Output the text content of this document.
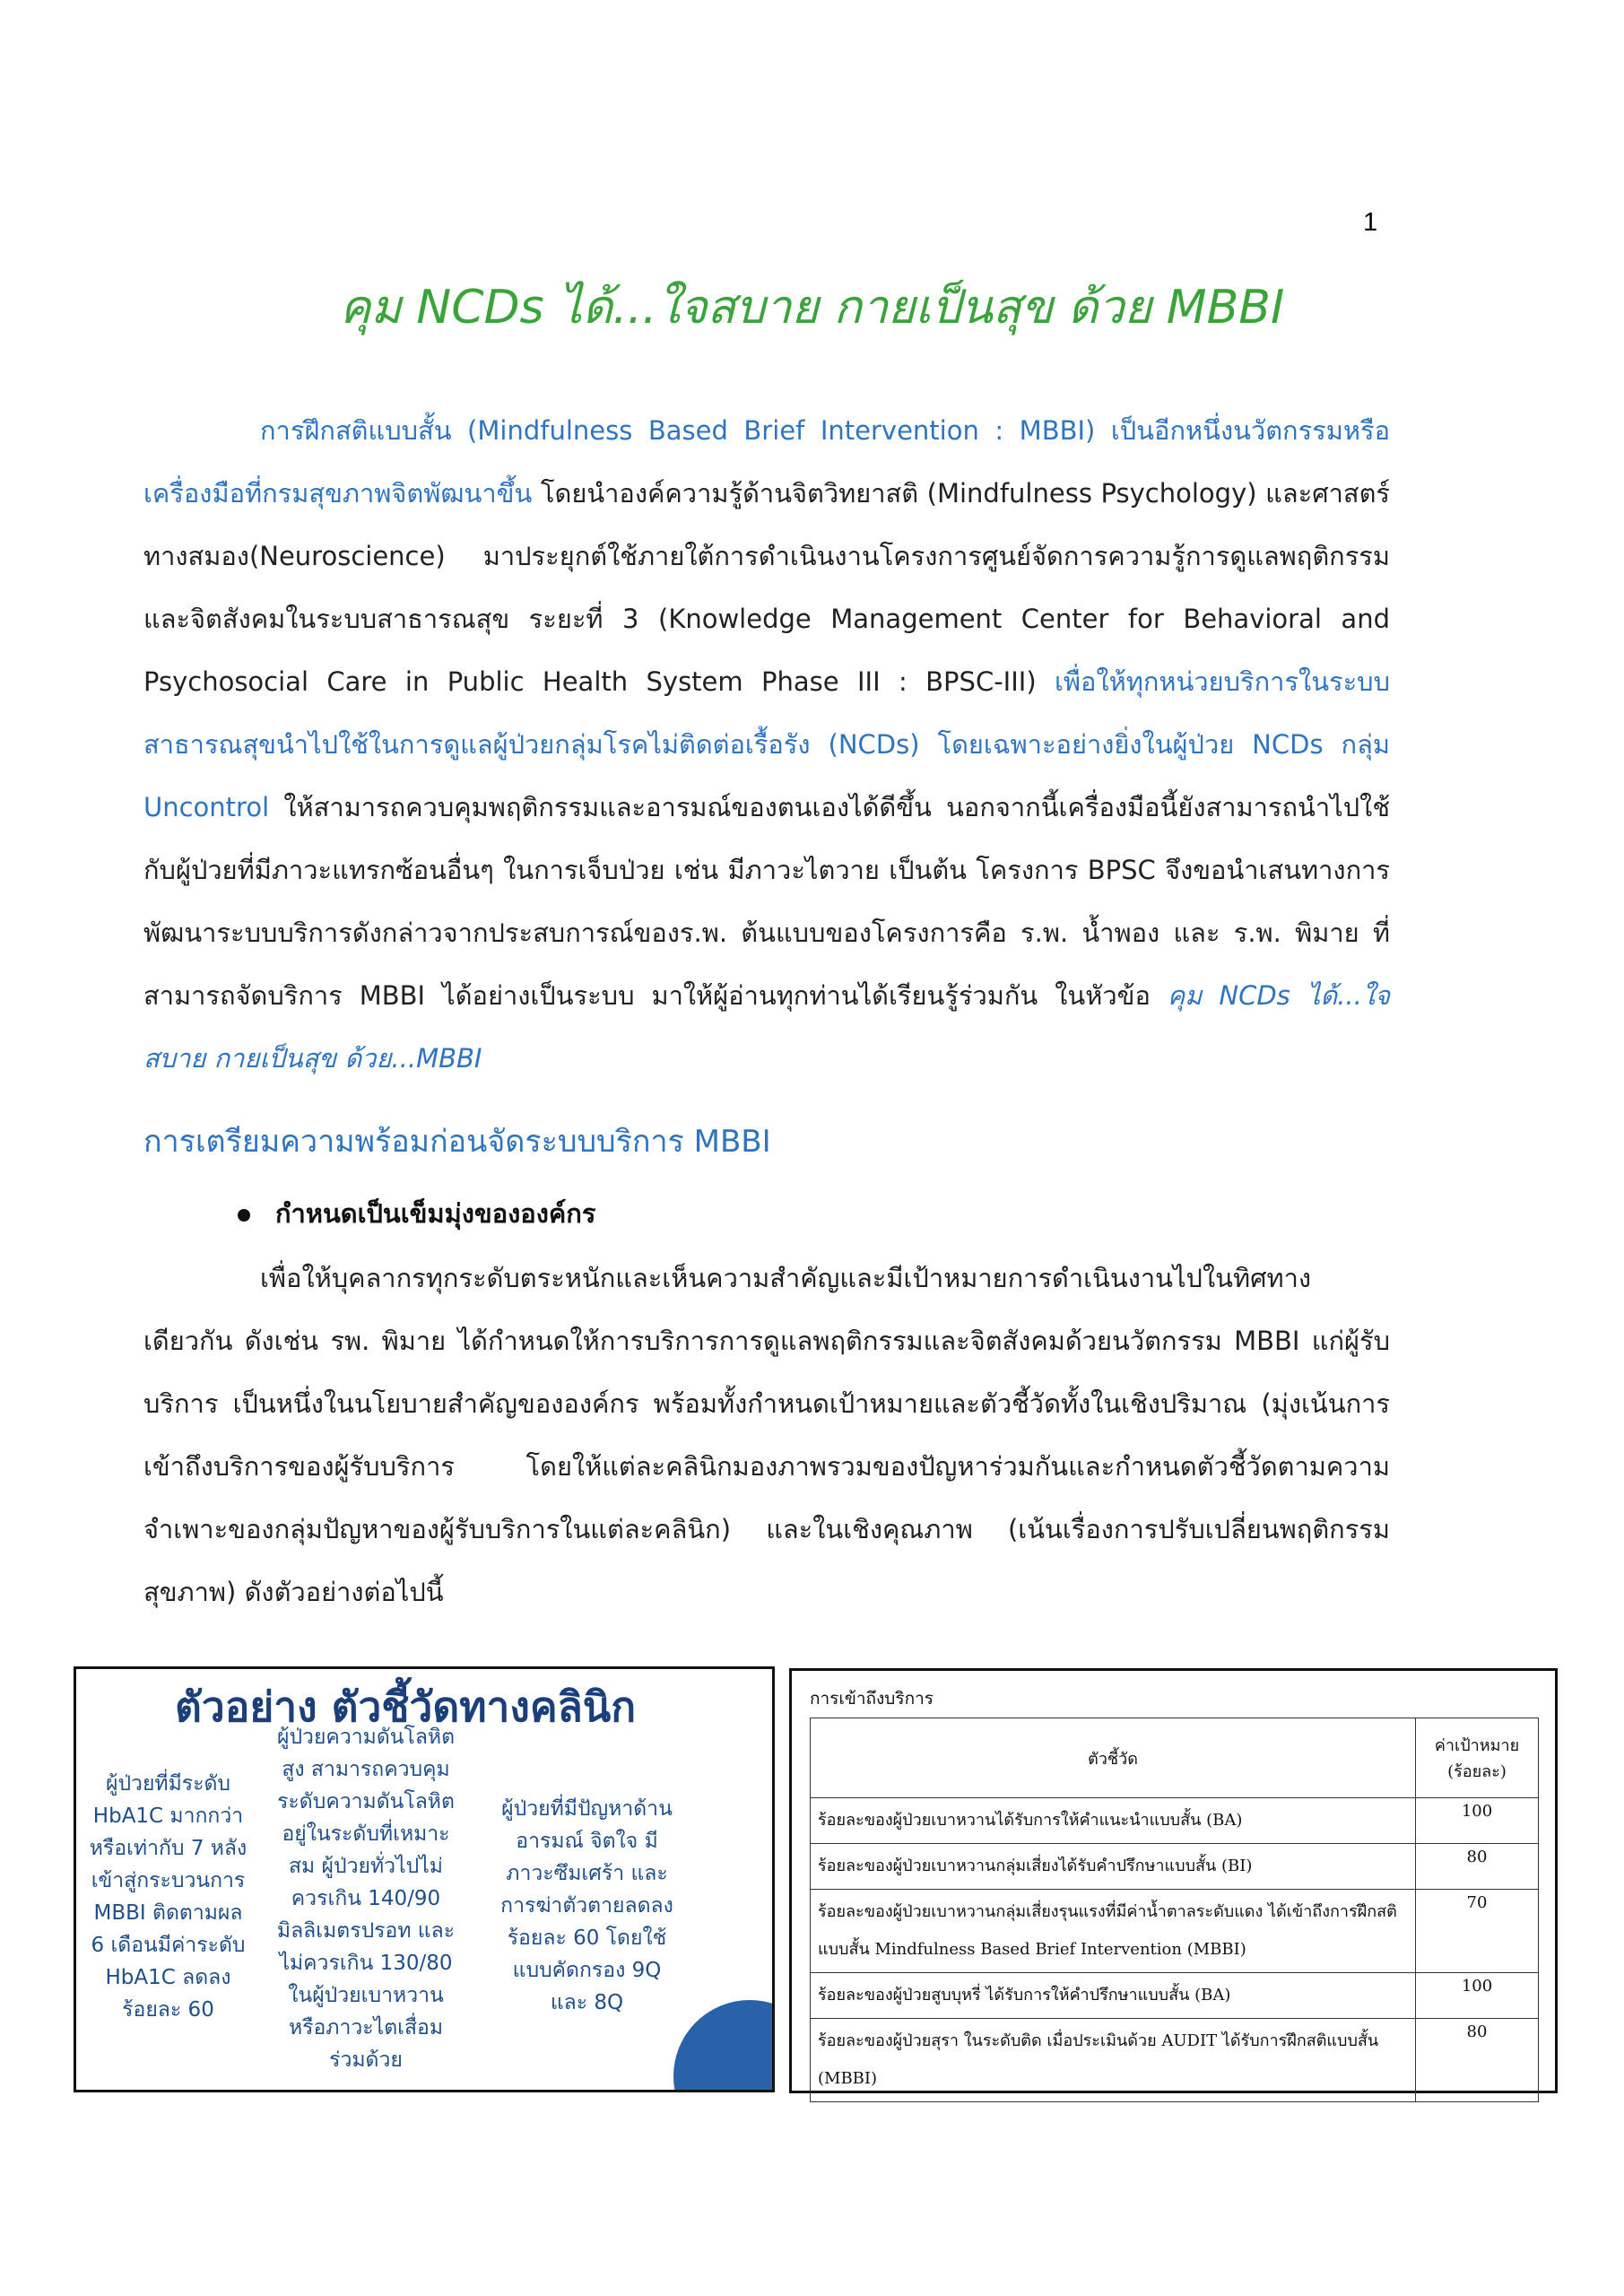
1
คุม NCDs ได้...ใจสบาย กายเป็นสุข ด้วย MBBI

การฝึกสติแบบสั้น (Mindfulness Based Brief Intervention : MBBI) เป็นอีกหนึ่งนวัตกรรมหรือเครื่องมือที่กรมสุขภาพจิตพัฒนาขึ้น โดยนำองค์ความรู้ด้านจิตวิทยาสติ (Mindfulness Psychology) และศาสตร์ทางสมอง(Neuroscience) มาประยุกต์ใช้ภายใต้การดำเนินงานโครงการศูนย์จัดการความรู้การดูแลพฤติกรรมและจิตสังคมในระบบสาธารณสุข ระยะที่ 3 (Knowledge Management Center for Behavioral and Psychosocial Care in Public Health System Phase III : BPSC-III) เพื่อให้ทุกหน่วยบริการในระบบสาธารณสุขนำไปใช้ในการดูแลผู้ป่วยกลุ่มโรคไม่ติดต่อเรื้อรัง (NCDs) โดยเฉพาะอย่างยิ่งในผู้ป่วย NCDs กลุ่ม Uncontrol ให้สามารถควบคุมพฤติกรรมและอารมณ์ของตนเองได้ดีขึ้น นอกจากนี้เครื่องมือนี้ยังสามารถนำไปใช้กับผู้ป่วยที่มีภาวะแทรกซ้อนอื่นๆ ในการเจ็บป่วย เช่น มีภาวะไตวาย เป็นต้น โครงการ BPSC จึงขอนำเสนทางการพัฒนาระบบบริการดังกล่าวจากประสบการณ์ของร.พ. ต้นแบบของโครงการคือ ร.พ. น้ำพอง และ ร.พ. พิมาย ที่สามารถจัดบริการ MBBI ได้อย่างเป็นระบบ มาให้ผู้อ่านทุกท่านได้เรียนรู้ร่วมกัน ในหัวข้อ คุม NCDs ได้...ใจสบาย กายเป็นสุข ด้วย...MBBI

การเตรียมความพร้อมก่อนจัดระบบบริการ MBBI
กำหนดเป็นเข็มมุ่งขององค์กร

เพื่อให้บุคลากรทุกระดับตระหนักและเห็นความสำคัญและมีเป้าหมายการดำเนินงานไปในทิศทางเดียวกัน ดังเช่น รพ. พิมาย ได้กำหนดให้การบริการการดูแลพฤติกรรมและจิตสังคมด้วยนวัตกรรม MBBI แก่ผู้รับบริการ เป็นหนึ่งในนโยบายสำคัญขององค์กร พร้อมทั้งกำหนดเป้าหมายและตัวชี้วัดทั้งในเชิงปริมาณ (มุ่งเน้นการเข้าถึงบริการของผู้รับบริการ โดยให้แต่ละคลินิกมองภาพรวมของปัญหาร่วมกันและกำหนดตัวชี้วัดตามความจำเพาะของกลุ่มปัญหาของผู้รับบริการในแต่ละคลินิก) และในเชิงคุณภาพ (เน้นเรื่องการปรับเปลี่ยนพฤติกรรมสุขภาพ) ดังตัวอย่างต่อไปนี้

ตัวอย่าง ตัวชี้วัดทางคลินิก
ผู้ป่วยที่มีระดับ
HbA1C มากกว่า
หรือเท่ากับ 7 หลัง
เข้าสู่กระบวนการ
MBBI ติดตามผล
6 เดือนมีค่าระดับ
HbA1C ลดลง
ร้อยละ 60
ผู้ป่วยความดันโลหิต
สูง สามารถควบคุม
ระดับความดันโลหิต
อยู่ในระดับที่เหมาะ
สม ผู้ป่วยทั่วไปไม่
ควรเกิน 140/90
มิลลิเมตรปรอท และ
ไม่ควรเกิน 130/80
ในผู้ป่วยเบาหวาน
หรือภาวะไตเสื่อม
ร่วมด้วย
ผู้ป่วยที่มีปัญหาด้าน
อารมณ์ จิตใจ มี
ภาวะซึมเศร้า และ
การฆ่าตัวตายลดลง
ร้อยละ 60 โดยใช้
แบบคัดกรอง 9Q
และ 8Q
การเข้าถึงบริการ
ตัวชี้วัด	ค่าเป้าหมาย (ร้อยละ)
ร้อยละของผู้ป่วยเบาหวานได้รับการให้คำแนะนำแบบสั้น (BA)	100
ร้อยละของผู้ป่วยเบาหวานกลุ่มเสี่ยงได้รับคำปรึกษาแบบสั้น (BI)	80
ร้อยละของผู้ป่วยเบาหวานกลุ่มเสี่ยงรุนแรงที่มีค่าน้ำตาลระดับแดง ได้เข้าถึงการฝึกสติแบบสั้น Mindfulness Based Brief Intervention (MBBI)	70
ร้อยละของผู้ป่วยสูบบุหรี่ ได้รับการให้คำปรึกษาแบบสั้น (BA)	100
ร้อยละของผู้ป่วยสุรา ในระดับติด เมื่อประเมินด้วย AUDIT ได้รับการฝึกสติแบบสั้น (MBBI)	80
